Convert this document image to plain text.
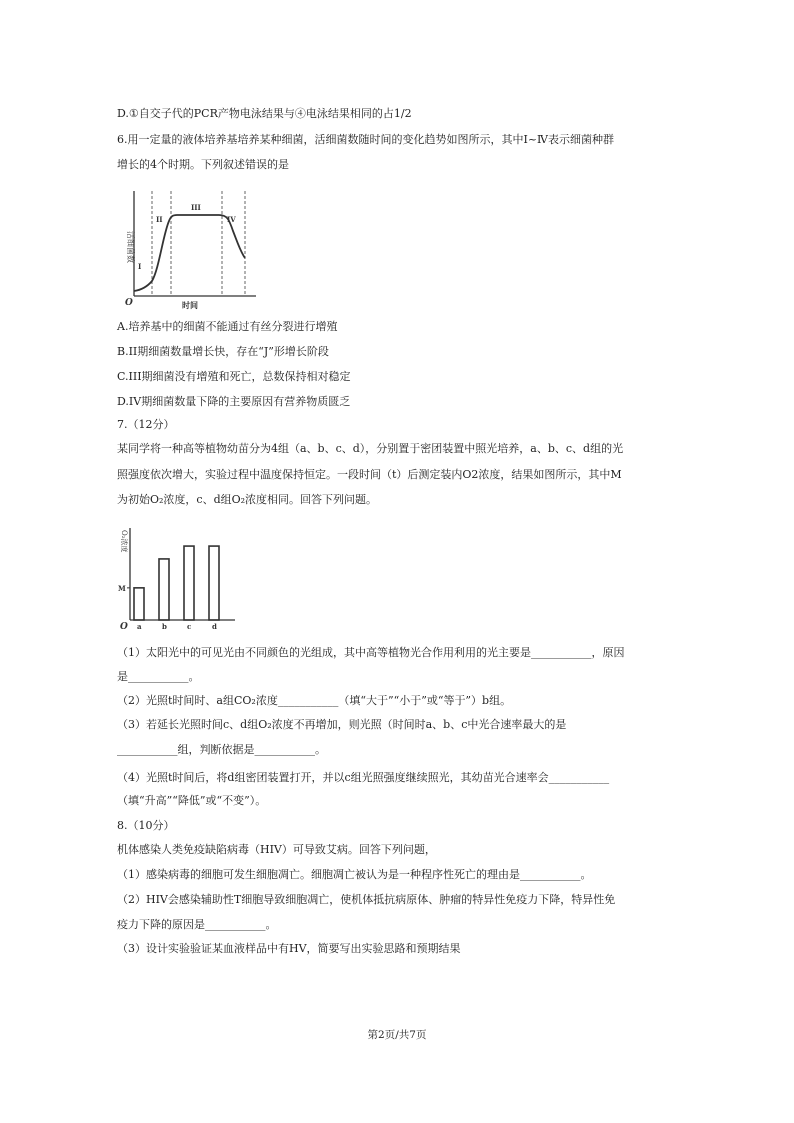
D.①自交子代的PCR产物电泳结果与④电泳结果相同的占1/2
6.用一定量的液体培养基培养某种细菌，活细菌数随时间的变化趋势如图所示，其中Ⅰ~Ⅳ表示细菌种群
增长的4个时期。下列叙述错误的是
活细菌数
I
II
III
IV
O	时间
A.培养基中的细菌不能通过有丝分裂进行增殖
B.II期细菌数量增长快，存在“J”形增长阶段
C.III期细菌没有增殖和死亡，总数保持相对稳定
D.IV期细菌数量下降的主要原因有营养物质匮乏
7.（12分）
某同学将一种高等植物幼苗分为4组（a、b、c、d），分别置于密团装置中照光培养，a、b、c、d组的光
照强度依次增大，实验过程中温度保持恒定。一段时间（t）后测定装内O2浓度，结果如图所示，其中M
为初始O₂浓度，c、d组O₂浓度相同。回答下列问题。
O₂浓度
O a	b	c	d
M
（1）太阳光中的可见光由不同颜色的光组成，其中高等植物光合作用利用的光主要是___________，原因
是___________。
（2）光照t时间时、a组CO₂浓度___________（填“大于”“小于”或“等于”）b组。
（3）若延长光照时间c、d组O₂浓度不再增加，则光照（时间时a、b、c中光合速率最大的是
___________组，判断依据是___________。
（4）光照t时间后，将d组密团装置打开，并以c组光照强度继续照光，其幼苗光合速率会___________
（填“升高”“降低”或“不变”）。
8.（10分）
机体感染人类免疫缺陷病毒（HIV）可导致艾病。回答下列问题，
（1）感染病毒的细胞可发生细胞凋亡。细胞凋亡被认为是一种程序性死亡的理由是___________。
（2）HIV会感染辅助性T细胞导致细胞凋亡，使机体抵抗病原体、肿瘤的特异性免疫力下降，特异性免
疫力下降的原因是___________。
（3）设计实验验证某血液样品中有HV，简要写出实验思路和预期结果
第2页/共7页
